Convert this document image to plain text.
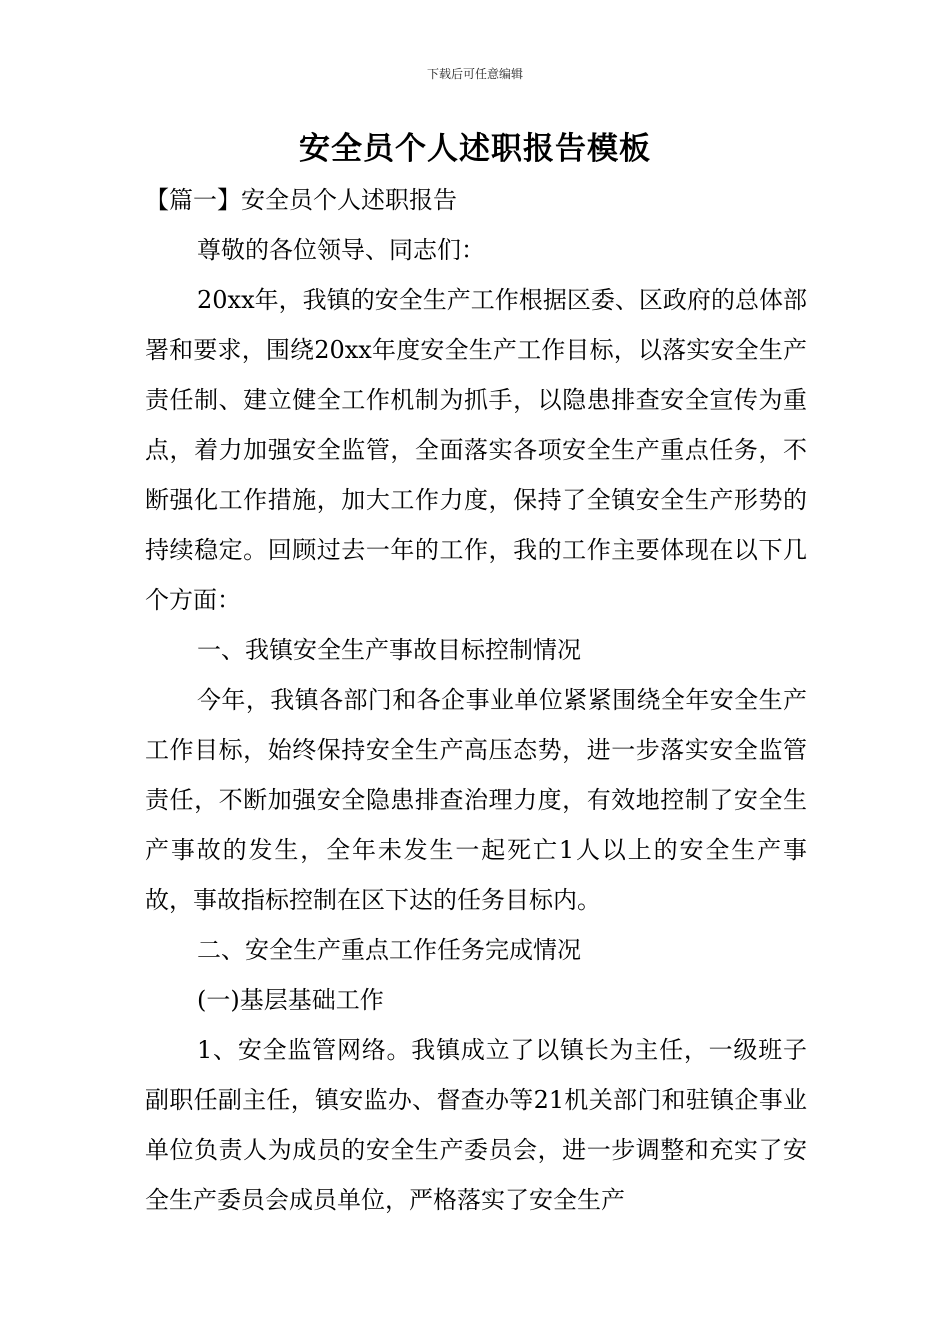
下载后可任意编辑
安全员个人述职报告模板

【篇一】安全员个人述职报告

尊敬的各位领导、同志们：

20xx年，我镇的安全生产工作根据区委、区政府的总体部署和要求，围绕20xx年度安全生产工作目标，以落实安全生产责任制、建立健全工作机制为抓手，以隐患排查安全宣传为重点，着力加强安全监管，全面落实各项安全生产重点任务，不断强化工作措施，加大工作力度，保持了全镇安全生产形势的持续稳定。回顾过去一年的工作，我的工作主要体现在以下几个方面：

一、我镇安全生产事故目标控制情况

今年，我镇各部门和各企事业单位紧紧围绕全年安全生产工作目标，始终保持安全生产高压态势，进一步落实安全监管责任，不断加强安全隐患排查治理力度，有效地控制了安全生产事故的发生，全年未发生一起死亡1人以上的安全生产事故，事故指标控制在区下达的任务目标内。

二、安全生产重点工作任务完成情况

(一)基层基础工作

1、安全监管网络。我镇成立了以镇长为主任，一级班子副职任副主任，镇安监办、督查办等21机关部门和驻镇企事业单位负责人为成员的安全生产委员会，进一步调整和充实了安全生产委员会成员单位，严格落实了安全生产
